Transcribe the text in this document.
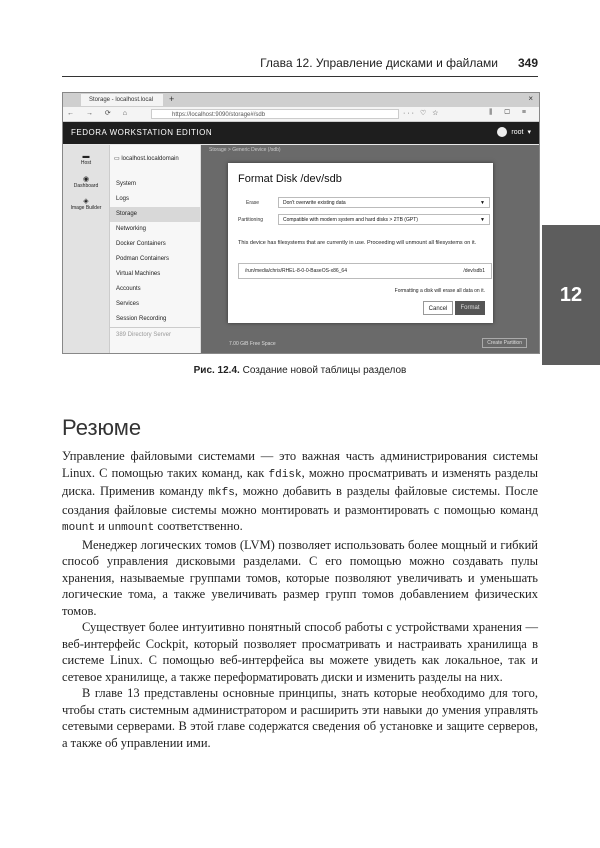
Глава 12. Управление дисками и файлами 349
12
Storage - localhost.local	+	×
← → ⟳ ⌂	https://localhost:9090/storage#/sdb	··· ♡ ☆	⫼ ▢ ≡
FEDORA WORKSTATION EDITION	root ▾
▬
Host
◉
Dashboard
◈
Image Builder
▭ localhost.localdomain
System
Logs
Storage
Networking
Docker Containers
Podman Containers
Virtual Machines
Accounts
Services
Session Recording
389 Directory Server
Storage > Generic Device (/sdb)
7.00 GiB Free Space	Create Partition
Format Disk /dev/sdb
Erase	Don't overwrite existing data	▼
Partitioning	Compatible with modern system and hard disks > 2TB (GPT)	▼
This device has filesystems that are currently in use. Proceeding will unmount all filesystems on it.
/run/media/chris/RHEL-8-0-0-BaseOS-x86_64	/dev/sdb1
Formatting a disk will erase all data on it.
Cancel	Format
Рис. 12.4. Создание новой таблицы разделов
Резюме

Управление файловыми системами — это важная часть администрирования системы Linux. С помощью таких команд, как fdisk, можно просматривать и изменять разделы диска. Применив команду mkfs, можно добавить в разделы файловые системы. После создания файловые системы можно монтировать и размонтировать с помощью команд mount и unmount соответственно.

Менеджер логических томов (LVM) позволяет использовать более мощный и гибкий способ управления дисковыми разделами. С его помощью можно создавать пулы хранения, называемые группами томов, которые позволяют увеличивать и уменьшать логические тома, а также увеличивать размер групп томов добавлением физических томов.

Существует более интуитивно понятный способ работы с устройствами хранения — веб-интерфейс Cockpit, который позволяет просматривать и настраивать хранилища в системе Linux. С помощью веб-интерфейса вы можете увидеть как локальное, так и сетевое хранилище, а также переформатировать диски и изменить разделы на них.

В главе 13 представлены основные принципы, знать которые необходимо для того, чтобы стать системным администратором и расширить эти навыки до умения управлять сетевыми серверами. В этой главе содержатся сведения об установке и защите серверов, а также об управлении ими.
